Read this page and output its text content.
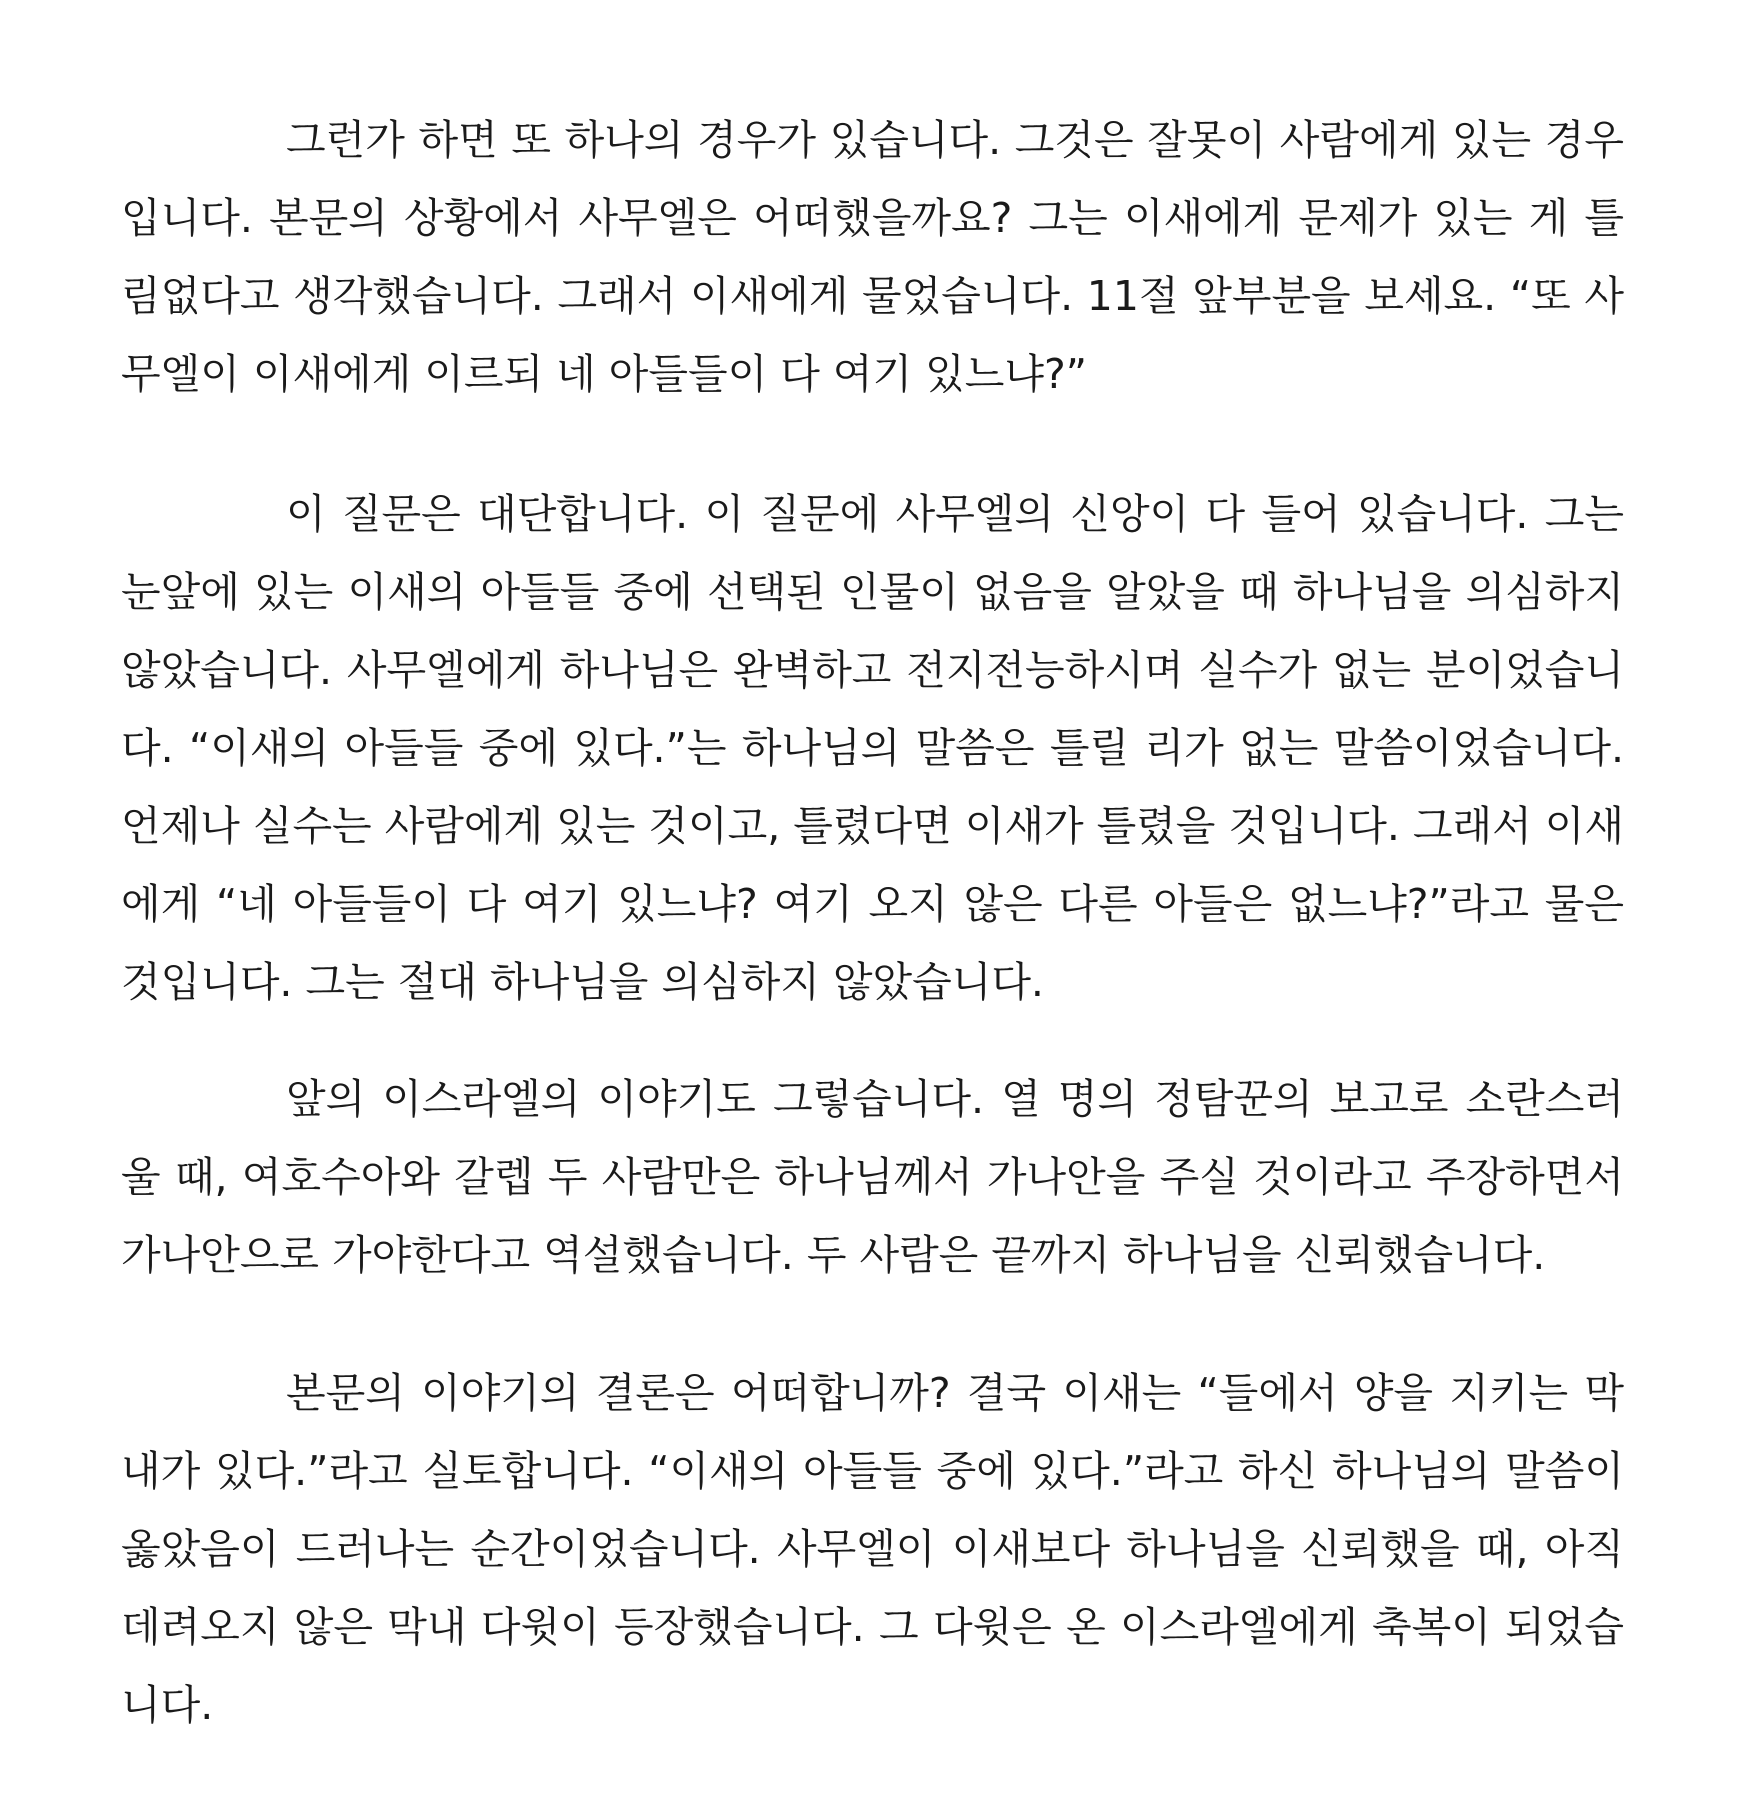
그런가 하면 또 하나의 경우가 있습니다. 그것은 잘못이 사람에게 있는 경우입니다. 본문의 상황에서 사무엘은 어떠했을까요? 그는 이새에게 문제가 있는 게 틀림없다고 생각했습니다. 그래서 이새에게 물었습니다. 11절 앞부분을 보세요. “또 사무엘이 이새에게 이르되 네 아들들이 다 여기 있느냐?”

이 질문은 대단합니다. 이 질문에 사무엘의 신앙이 다 들어 있습니다. 그는 눈앞에 있는 이새의 아들들 중에 선택된 인물이 없음을 알았을 때 하나님을 의심하지 않았습니다. 사무엘에게 하나님은 완벽하고 전지전능하시며 실수가 없는 분이었습니다. “이새의 아들들 중에 있다.”는 하나님의 말씀은 틀릴 리가 없는 말씀이었습니다. 언제나 실수는 사람에게 있는 것이고, 틀렸다면 이새가 틀렸을 것입니다. 그래서 이새에게 “네 아들들이 다 여기 있느냐? 여기 오지 않은 다른 아들은 없느냐?”라고 물은 것입니다. 그는 절대 하나님을 의심하지 않았습니다.

앞의 이스라엘의 이야기도 그렇습니다. 열 명의 정탐꾼의 보고로 소란스러울 때, 여호수아와 갈렙 두 사람만은 하나님께서 가나안을 주실 것이라고 주장하면서 가나안으로 가야한다고 역설했습니다. 두 사람은 끝까지 하나님을 신뢰했습니다.

본문의 이야기의 결론은 어떠합니까? 결국 이새는 “들에서 양을 지키는 막내가 있다.”라고 실토합니다. “이새의 아들들 중에 있다.”라고 하신 하나님의 말씀이 옳았음이 드러나는 순간이었습니다. 사무엘이 이새보다 하나님을 신뢰했을 때, 아직 데려오지 않은 막내 다윗이 등장했습니다. 그 다윗은 온 이스라엘에게 축복이 되었습니다.
